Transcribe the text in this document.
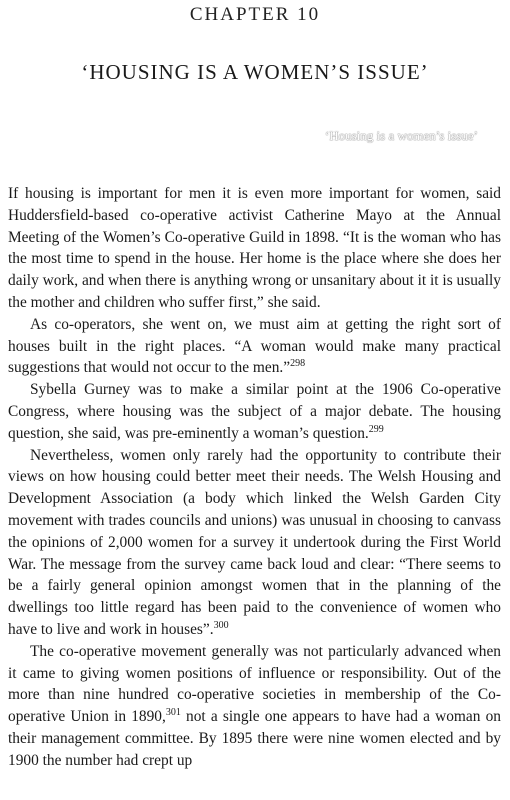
CHAPTER 10
‘HOUSING IS A WOMEN’S ISSUE’
‘Housing is a women’s issue’

If housing is important for men it is even more important for women, said Huddersfield-based co-operative activist Catherine Mayo at the Annual Meeting of the Women’s Co-operative Guild in 1898. “It is the woman who has the most time to spend in the house. Her home is the place where she does her daily work, and when there is anything wrong or unsanitary about it it is usually the mother and children who suffer first,” she said.

As co-operators, she went on, we must aim at getting the right sort of houses built in the right places. “A woman would make many practical suggestions that would not occur to the men.”$^{298}$

Sybella Gurney was to make a similar point at the 1906 Co-operative Congress, where housing was the subject of a major debate. The housing question, she said, was pre-eminently a woman’s question.$^{299}$

Nevertheless, women only rarely had the opportunity to contribute their views on how housing could better meet their needs. The Welsh Housing and Development Association (a body which linked the Welsh Garden City movement with trades councils and unions) was unusual in choosing to canvass the opinions of 2,000 women for a survey it undertook during the First World War. The message from the survey came back loud and clear: “There seems to be a fairly general opinion amongst women that in the planning of the dwellings too little regard has been paid to the convenience of women who have to live and work in houses”.$^{300}$

The co-operative movement generally was not particularly advanced when it came to giving women positions of influence or responsibility. Out of the more than nine hundred co-operative societies in membership of the Co-operative Union in 1890,$^{301}$ not a single one appears to have had a woman on their management committee. By 1895 there were nine women elected and by 1900 the number had crept up
